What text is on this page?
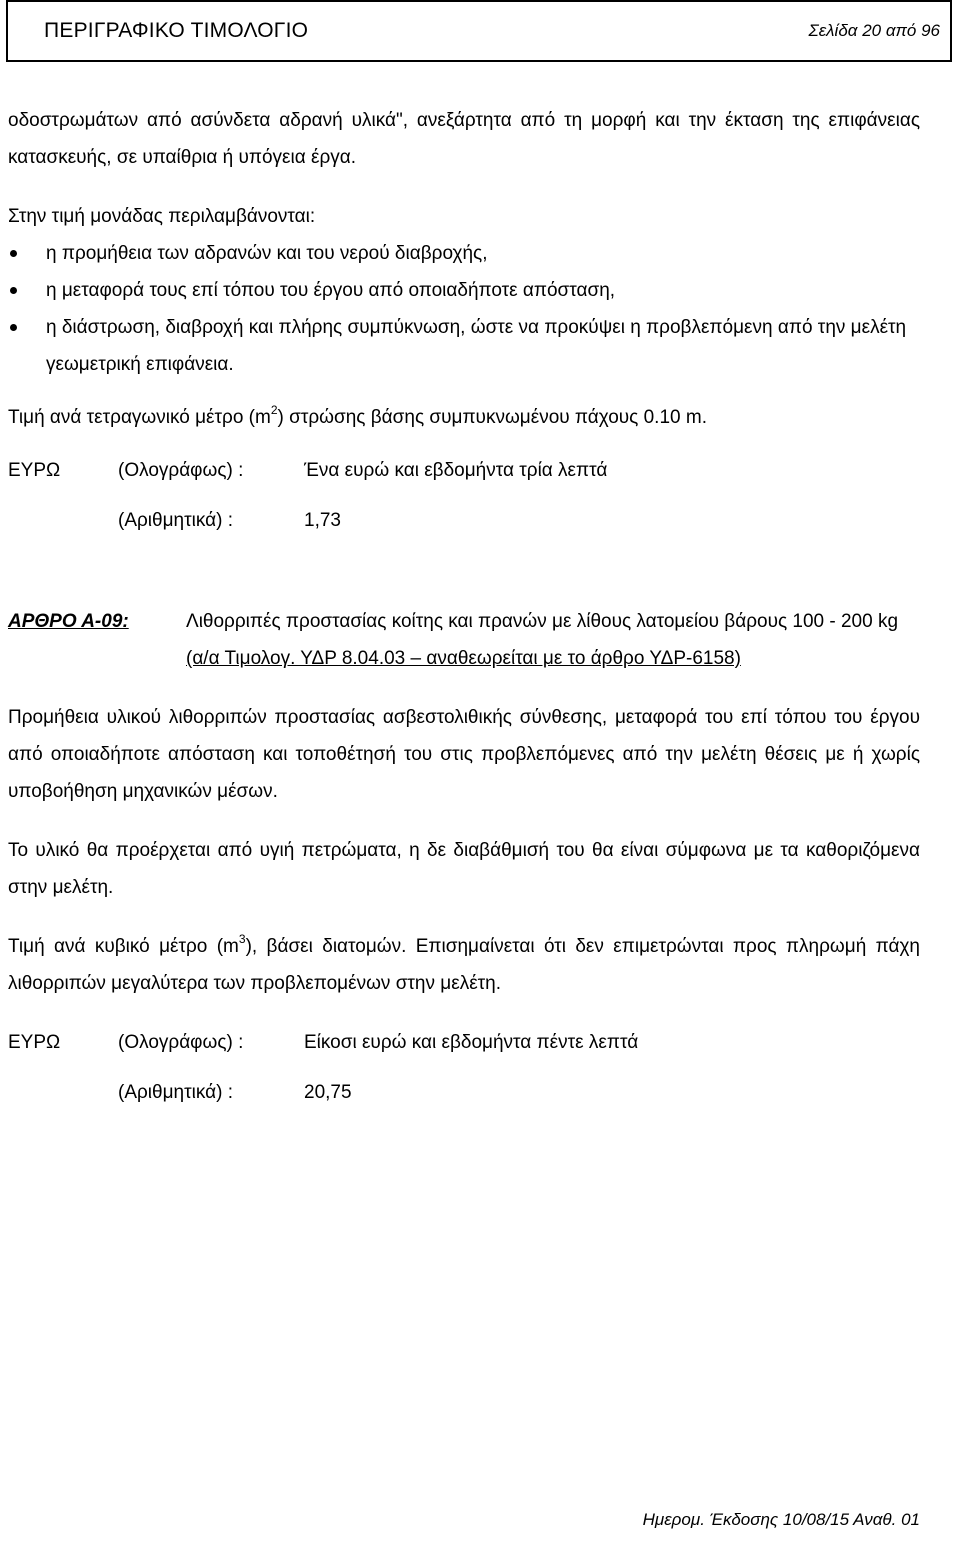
ΠΕΡΙΓΡΑΦΙΚΟ ΤΙΜΟΛΟΓΙΟ	Σελίδα 20 από 96

οδοστρωμάτων από ασύνδετα αδρανή υλικά", ανεξάρτητα από τη μορφή και την έκταση της επιφάνειας κατασκευής, σε υπαίθρια ή υπόγεια έργα.

Στην τιμή μονάδας περιλαμβάνονται:

η προμήθεια των αδρανών και του νερού διαβροχής,
η μεταφορά τους επί τόπου του έργου από οποιαδήποτε απόσταση,
η διάστρωση, διαβροχή και πλήρης συμπύκνωση, ώστε να προκύψει η προβλεπόμενη από την μελέτη γεωμετρική επιφάνεια.

Τιμή ανά τετραγωνικό μέτρο $(m^2)$ στρώσης βάσης συμπυκνωμένου πάχους 0.10 m.

ΕΥΡΩ	(Ολογράφως) :	Ένα ευρώ και εβδομήντα τρία λεπτά
(Αριθμητικά) :	1,73
ΑΡΘΡΟ Α-09:	Λιθορριπές προστασίας κοίτης και πρανών με λίθους λατομείου βάρους 100 - 200 kg
(α/α Τιμολογ. ΥΔΡ 8.04.03 – αναθεωρείται με το άρθρο ΥΔΡ-6158)

Προμήθεια υλικού λιθορριπών προστασίας ασβεστολιθικής σύνθεσης, μεταφορά του επί τόπου του έργου από οποιαδήποτε απόσταση και τοποθέτησή του στις προβλεπόμενες από την μελέτη θέσεις με ή χωρίς υποβοήθηση μηχανικών μέσων.

Το υλικό θα προέρχεται από υγιή πετρώματα, η δε διαβάθμισή του θα είναι σύμφωνα με τα καθοριζόμενα στην μελέτη.

Τιμή ανά κυβικό μέτρο $(m^3)$, βάσει διατομών. Επισημαίνεται ότι δεν επιμετρώνται προς πληρωμή πάχη λιθορριπών μεγαλύτερα των προβλεπομένων στην μελέτη.

ΕΥΡΩ	(Ολογράφως) :	Είκοσι ευρώ και εβδομήντα πέντε λεπτά
(Αριθμητικά) :	20,75
Ημερομ. Έκδοσης 10/08/15 Αναθ. 01
